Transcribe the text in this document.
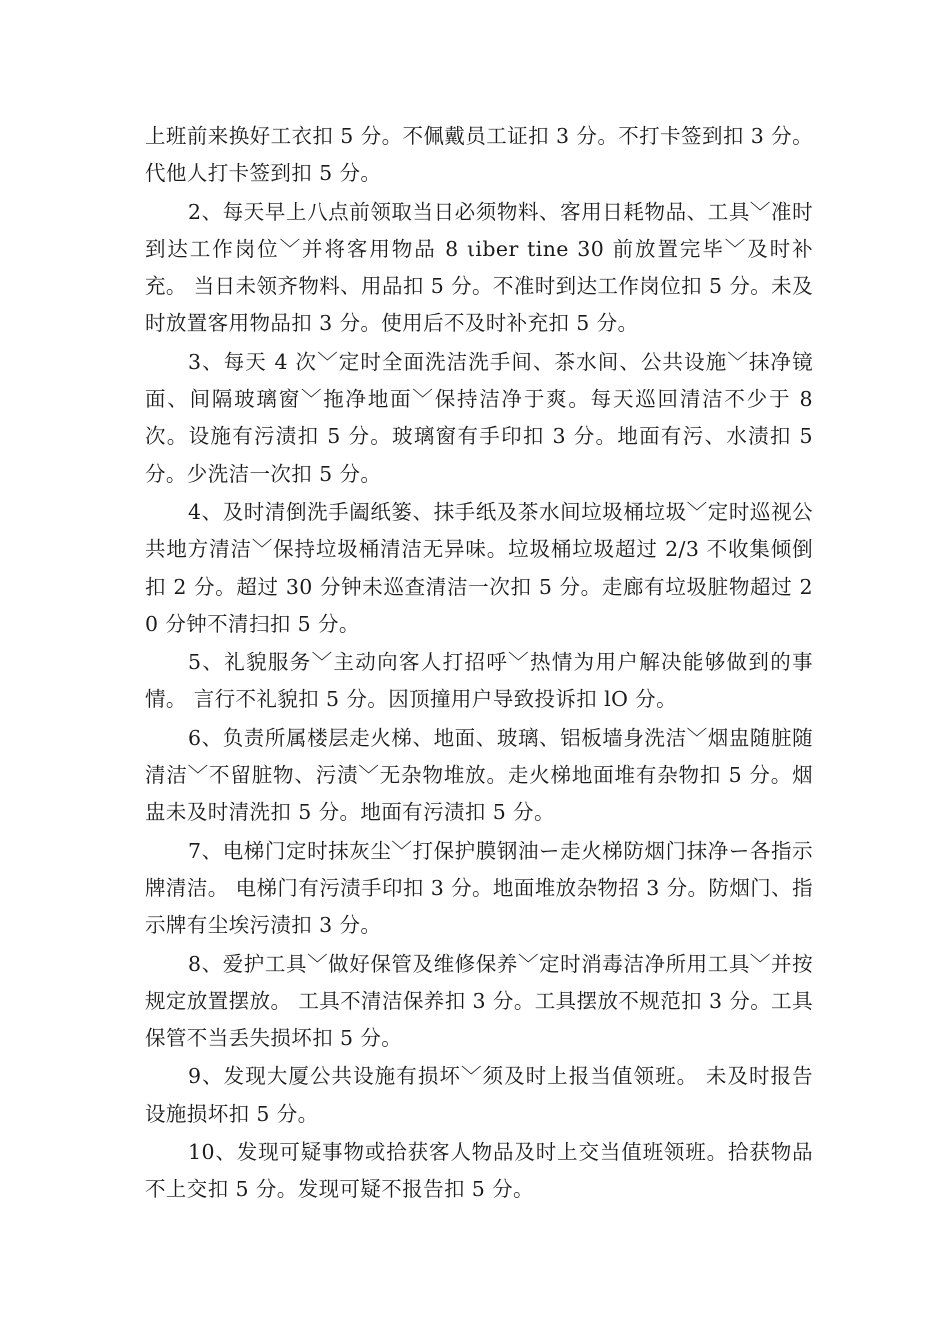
上班前来换好工衣扣 5 分。不佩戴员工证扣 3 分。不打卡签到扣 3 分。代他人打卡签到扣 5 分。

2、每天早上八点前领取当日必须物料、客用日耗物品、工具﹀准时到达工作岗位﹀并将客用物品 8 ιiber tine 30 前放置完毕﹀及时补充。 当日未领齐物料、用品扣 5 分。不准时到达工作岗位扣 5 分。未及时放置客用物品扣 3 分。使用后不及时补充扣 5 分。

3、每天 4 次﹀定时全面洗洁洗手间、茶水间、公共设施﹀抹净镜面、间隔玻璃窗﹀拖净地面﹀保持洁净于爽。每天巡回清洁不少于 8 次。设施有污渍扣 5 分。玻璃窗有手印扣 3 分。地面有污、水渍扣 5 分。少洗洁一次扣 5 分。

4、及时清倒洗手阖纸篓、抹手纸及茶水间垃圾桶垃圾﹀定时巡视公共地方清洁﹀保持垃圾桶清洁无异味。垃圾桶垃圾超过 2/3 不收集倾倒扣 2 分。超过 30 分钟未巡查清洁一次扣 5 分。走廊有垃圾脏物超过 20 分钟不清扫扣 5 分。

5、礼貌服务﹀主动向客人打招呼﹀热情为用户解决能够做到的事情。 言行不礼貌扣 5 分。因顶撞用户导致投诉扣 lO 分。

6、负责所属楼层走火梯、地面、玻璃、铝板墙身洗洁﹀烟盅随脏随清洁﹀不留脏物、污渍﹀无杂物堆放。走火梯地面堆有杂物扣 5 分。烟盅未及时清洗扣 5 分。地面有污渍扣 5 分。

7、电梯门定时抹灰尘﹀打保护膜钢油ー走火梯防烟门抹净ー各指示牌清洁。 电梯门有污渍手印扣 3 分。地面堆放杂物招 3 分。防烟门、指示牌有尘埃污渍扣 3 分。

8、爱护工具﹀做好保管及维修保养﹀定时消毒洁净所用工具﹀并按规定放置摆放。 工具不清洁保养扣 3 分。工具摆放不规范扣 3 分。工具保管不当丢失损坏扣 5 分。

9、发现大厦公共设施有损坏﹀须及时上报当值领班。 未及时报告设施损坏扣 5 分。

10、发现可疑事物或拾获客人物品及时上交当值班领班。拾获物品不上交扣 5 分。发现可疑不报告扣 5 分。
